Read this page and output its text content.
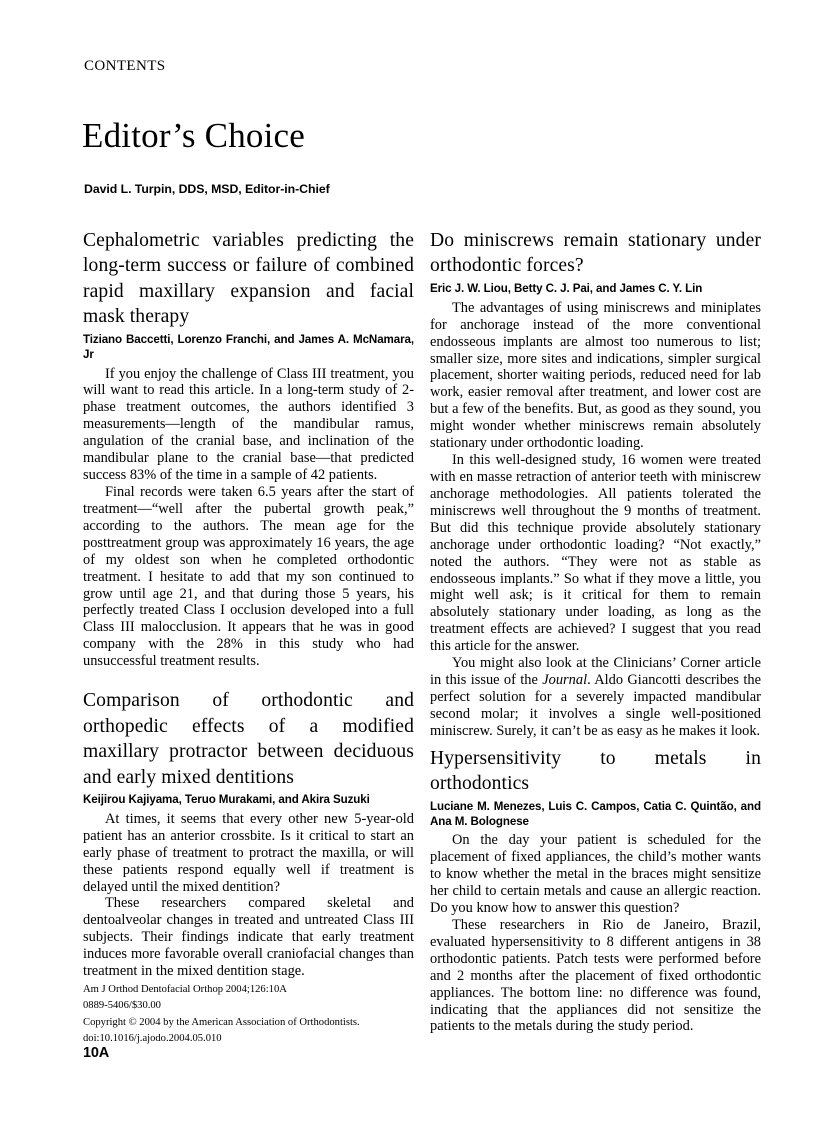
CONTENTS
Editor’s Choice
David L. Turpin, DDS, MSD, Editor-in-Chief
Cephalometric variables predicting the long-term success or failure of combined rapid maxillary expansion and facial mask therapy
Tiziano Baccetti, Lorenzo Franchi, and James A. McNamara, Jr

If you enjoy the challenge of Class III treatment, you will want to read this article. In a long-term study of 2-phase treatment outcomes, the authors identified 3 measurements—length of the mandibular ramus, angulation of the cranial base, and inclination of the mandibular plane to the cranial base—that predicted success 83% of the time in a sample of 42 patients.

Final records were taken 6.5 years after the start of treatment—“well after the pubertal growth peak,” according to the authors. The mean age for the posttreatment group was approximately 16 years, the age of my oldest son when he completed orthodontic treatment. I hesitate to add that my son continued to grow until age 21, and that during those 5 years, his perfectly treated Class I occlusion developed into a full Class III malocclusion. It appears that he was in good company with the 28% in this study who had unsuccessful treatment results.

Comparison of orthodontic and orthopedic effects of a modified maxillary protractor between deciduous and early mixed dentitions
Keijirou Kajiyama, Teruo Murakami, and Akira Suzuki

At times, it seems that every other new 5-year-old patient has an anterior crossbite. Is it critical to start an early phase of treatment to protract the maxilla, or will these patients respond equally well if treatment is delayed until the mixed dentition?

These researchers compared skeletal and dentoalveolar changes in treated and untreated Class III subjects. Their findings indicate that early treatment induces more favorable overall craniofacial changes than treatment in the mixed dentition stage.

Do miniscrews remain stationary under orthodontic forces?
Eric J. W. Liou, Betty C. J. Pai, and James C. Y. Lin

The advantages of using miniscrews and miniplates for anchorage instead of the more conventional endosseous implants are almost too numerous to list; smaller size, more sites and indications, simpler surgical placement, shorter waiting periods, reduced need for lab work, easier removal after treatment, and lower cost are but a few of the benefits. But, as good as they sound, you might wonder whether miniscrews remain absolutely stationary under orthodontic loading.

In this well-designed study, 16 women were treated with en masse retraction of anterior teeth with miniscrew anchorage methodologies. All patients tolerated the miniscrews well throughout the 9 months of treatment. But did this technique provide absolutely stationary anchorage under orthodontic loading? “Not exactly,” noted the authors. “They were not as stable as endosseous implants.” So what if they move a little, you might well ask; is it critical for them to remain absolutely stationary under loading, as long as the treatment effects are achieved? I suggest that you read this article for the answer.

You might also look at the Clinicians’ Corner article in this issue of the Journal. Aldo Giancotti describes the perfect solution for a severely impacted mandibular second molar; it involves a single well-positioned miniscrew. Surely, it can’t be as easy as he makes it look.

Hypersensitivity to metals in orthodontics
Luciane M. Menezes, Luis C. Campos, Catia C. Quintão, and Ana M. Bolognese

On the day your patient is scheduled for the placement of fixed appliances, the child’s mother wants to know whether the metal in the braces might sensitize her child to certain metals and cause an allergic reaction. Do you know how to answer this question?

These researchers in Rio de Janeiro, Brazil, evaluated hypersensitivity to 8 different antigens in 38 orthodontic patients. Patch tests were performed before and 2 months after the placement of fixed orthodontic appliances. The bottom line: no difference was found, indicating that the appliances did not sensitize the patients to the metals during the study period.

Am J Orthod Dentofacial Orthop 2004;126:10A
0889-5406/$30.00
Copyright © 2004 by the American Association of Orthodontists.
doi:10.1016/j.ajodo.2004.05.010
10A
